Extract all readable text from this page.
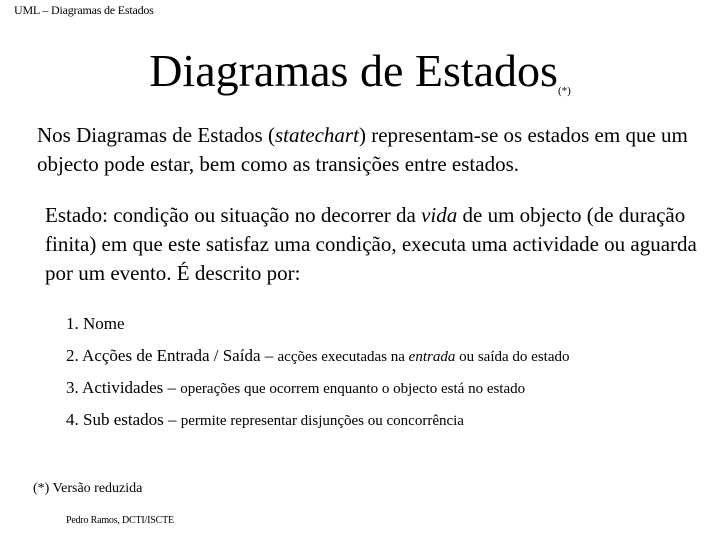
UML – Diagramas de Estados
Diagramas de Estados(*)
Nos Diagramas de Estados (statechart) representam-se os estados em que um objecto pode estar, bem como as transições entre estados.
Estado: condição ou situação no decorrer da vida de um objecto (de duração finita) em que este satisfaz uma condição, executa uma actividade ou aguarda por um evento. É descrito por:
1. Nome
2. Acções de Entrada / Saída – acções executadas na entrada ou saída do estado
3. Actividades – operações que ocorrem enquanto o objecto está no estado
4. Sub estados – permite representar disjunções ou concorrência
(*) Versão reduzida
Pedro Ramos, DCTI/ISCTE
